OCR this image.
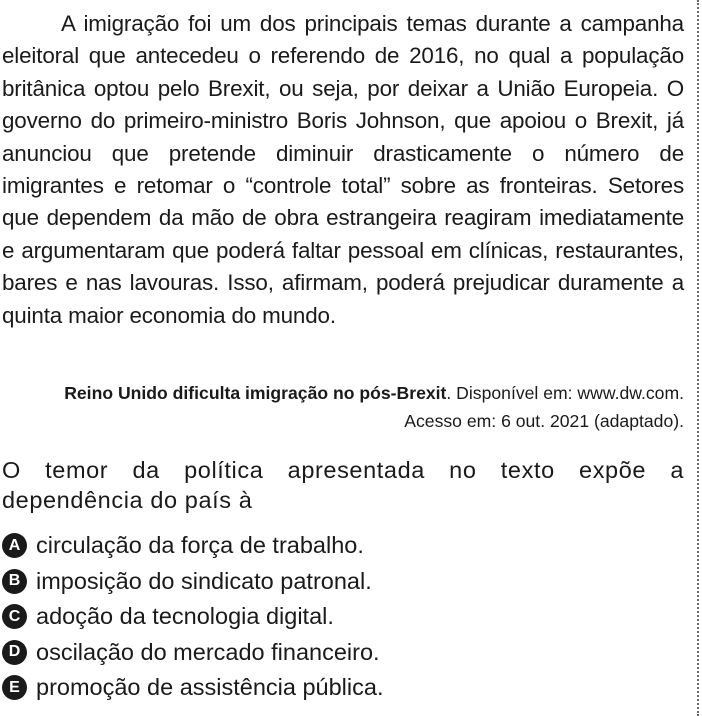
A imigração foi um dos principais temas durante a campanha eleitoral que antecedeu o referendo de 2016, no qual a população britânica optou pelo Brexit, ou seja, por deixar a União Europeia. O governo do primeiro-ministro Boris Johnson, que apoiou o Brexit, já anunciou que pretende diminuir drasticamente o número de imigrantes e retomar o “controle total” sobre as fronteiras. Setores que dependem da mão de obra estrangeira reagiram imediatamente e argumentaram que poderá faltar pessoal em clínicas, restaurantes, bares e nas lavouras. Isso, afirmam, poderá prejudicar duramente a quinta maior economia do mundo.

Reino Unido dificulta imigração no pós-Brexit. Disponível em: www.dw.com. Acesso em: 6 out. 2021 (adaptado).

O temor da política apresentada no texto expõe a dependência do país à

A circulação da força de trabalho.
B imposição do sindicato patronal.
C adoção da tecnologia digital.
D oscilação do mercado financeiro.
E promoção de assistência pública.
